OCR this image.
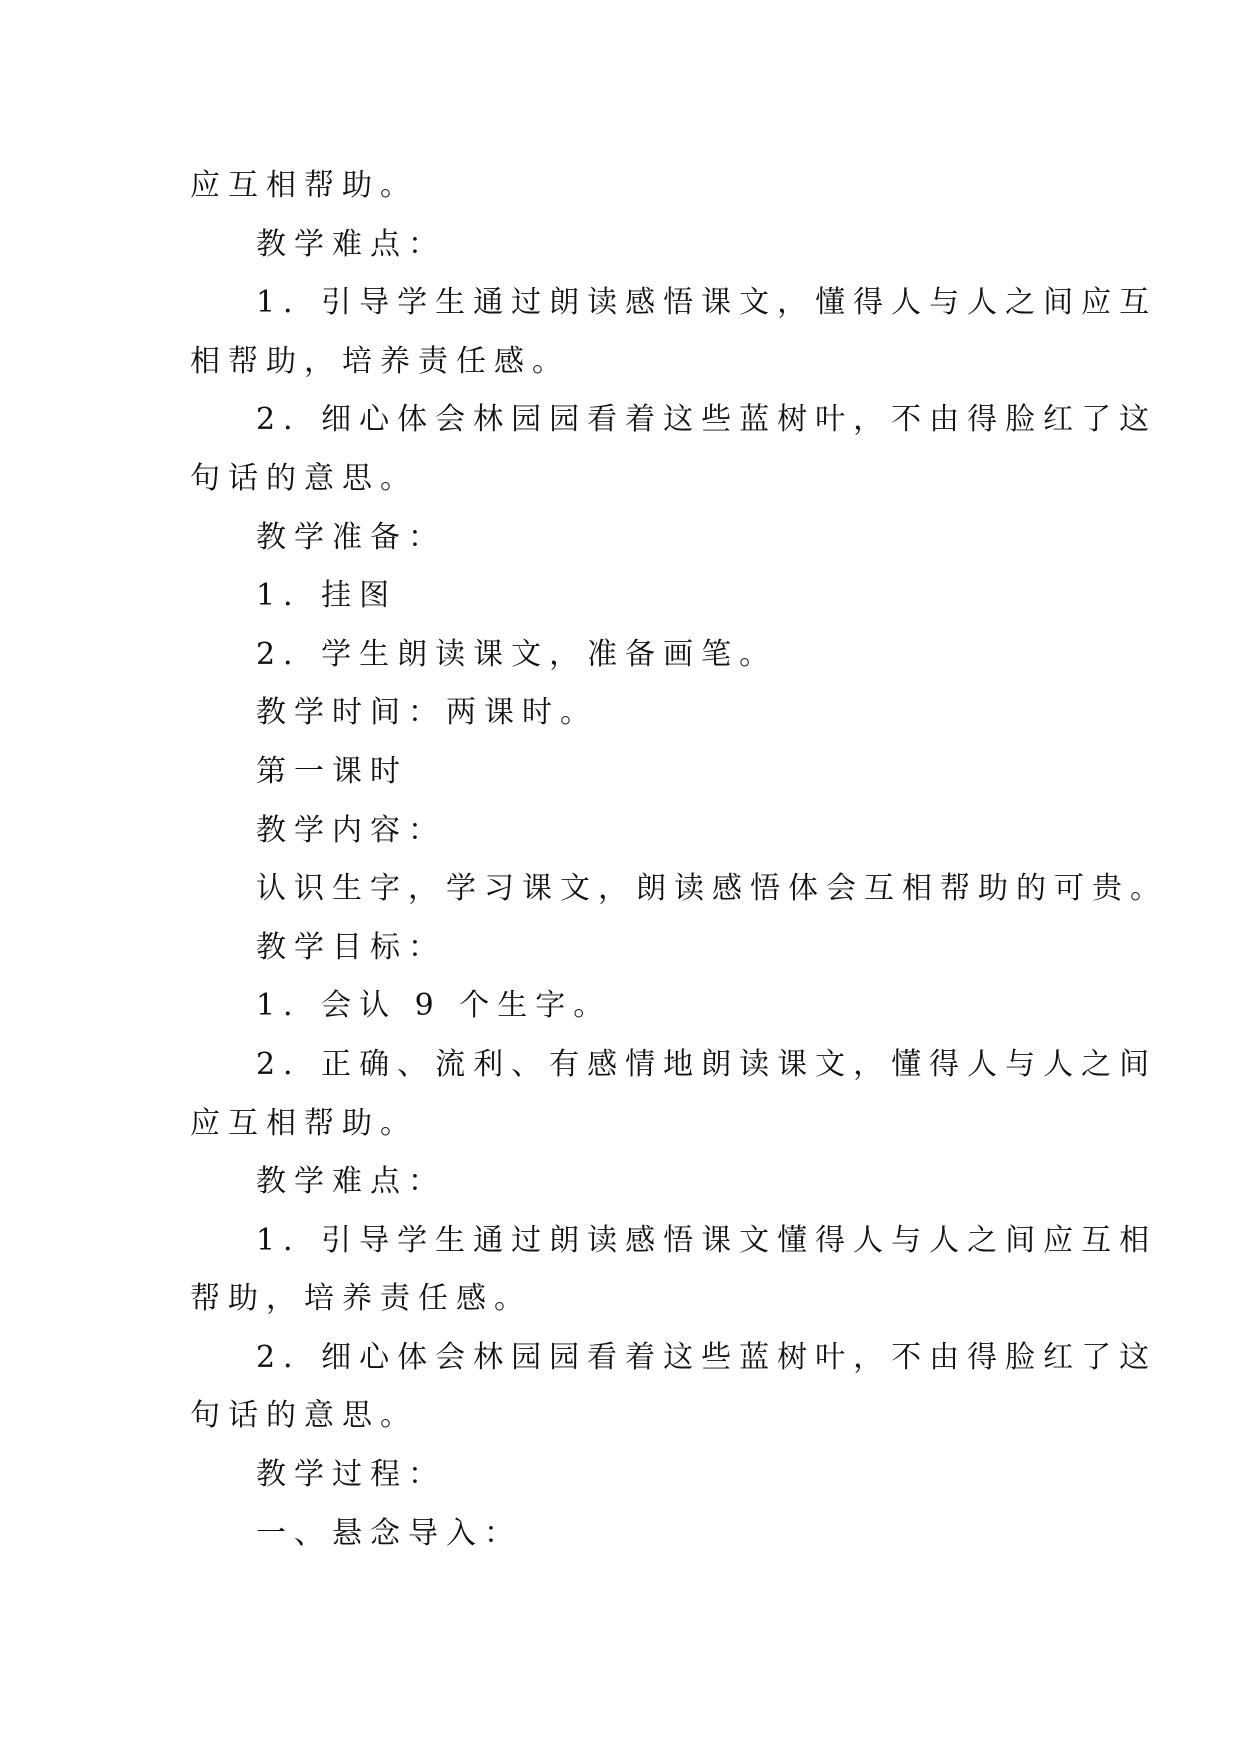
应互相帮助。
教学难点：
1．引导学生通过朗读感悟课文，懂得人与人之间应互
相帮助，培养责任感。
2．细心体会林园园看着这些蓝树叶，不由得脸红了这
句话的意思。
教学准备：
1．挂图
2．学生朗读课文，准备画笔。
教学时间：两课时。
第一课时
教学内容：
认识生字，学习课文，朗读感悟体会互相帮助的可贵。
教学目标：
1．会认 9 个生字。
2．正确、流利、有感情地朗读课文，懂得人与人之间
应互相帮助。
教学难点：
1．引导学生通过朗读感悟课文懂得人与人之间应互相
帮助，培养责任感。
2．细心体会林园园看着这些蓝树叶，不由得脸红了这
句话的意思。
教学过程：
一、悬念导入：
